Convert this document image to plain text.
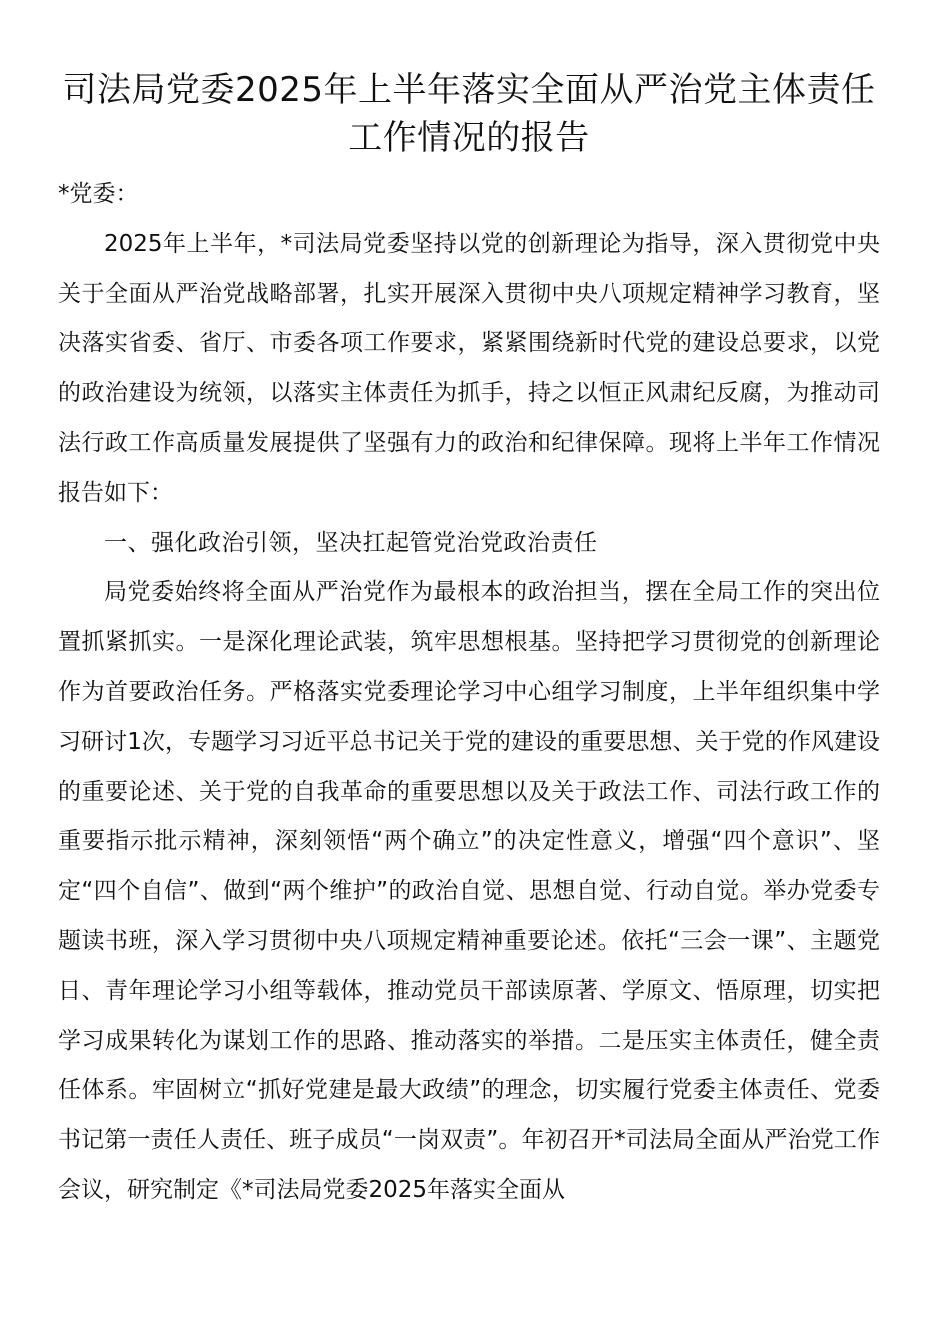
司法局党委2025年上半年落实全面从严治党主体责任工作情况的报告

*党委：

2025年上半年，*司法局党委坚持以党的创新理论为指导，深入贯彻党中央关于全面从严治党战略部署，扎实开展深入贯彻中央八项规定精神学习教育，坚决落实省委、省厅、市委各项工作要求，紧紧围绕新时代党的建设总要求，以党的政治建设为统领，以落实主体责任为抓手，持之以恒正风肃纪反腐，为推动司法行政工作高质量发展提供了坚强有力的政治和纪律保障。现将上半年工作情况报告如下：

一、强化政治引领，坚决扛起管党治党政治责任

局党委始终将全面从严治党作为最根本的政治担当，摆在全局工作的突出位置抓紧抓实。一是深化理论武装，筑牢思想根基。坚持把学习贯彻党的创新理论作为首要政治任务。严格落实党委理论学习中心组学习制度，上半年组织集中学习研讨1次，专题学习习近平总书记关于党的建设的重要思想、关于党的作风建设的重要论述、关于党的自我革命的重要思想以及关于政法工作、司法行政工作的重要指示批示精神，深刻领悟“两个确立”的决定性意义，增强“四个意识”、坚定“四个自信”、做到“两个维护”的政治自觉、思想自觉、行动自觉。举办党委专题读书班，深入学习贯彻中央八项规定精神重要论述。依托“三会一课”、主题党日、青年理论学习小组等载体，推动党员干部读原著、学原文、悟原理，切实把学习成果转化为谋划工作的思路、推动落实的举措。二是压实主体责任，健全责任体系。牢固树立“抓好党建是最大政绩”的理念，切实履行党委主体责任、党委书记第一责任人责任、班子成员“一岗双责”。年初召开*司法局全面从严治党工作会议，研究制定《*司法局党委2025年落实全面从
